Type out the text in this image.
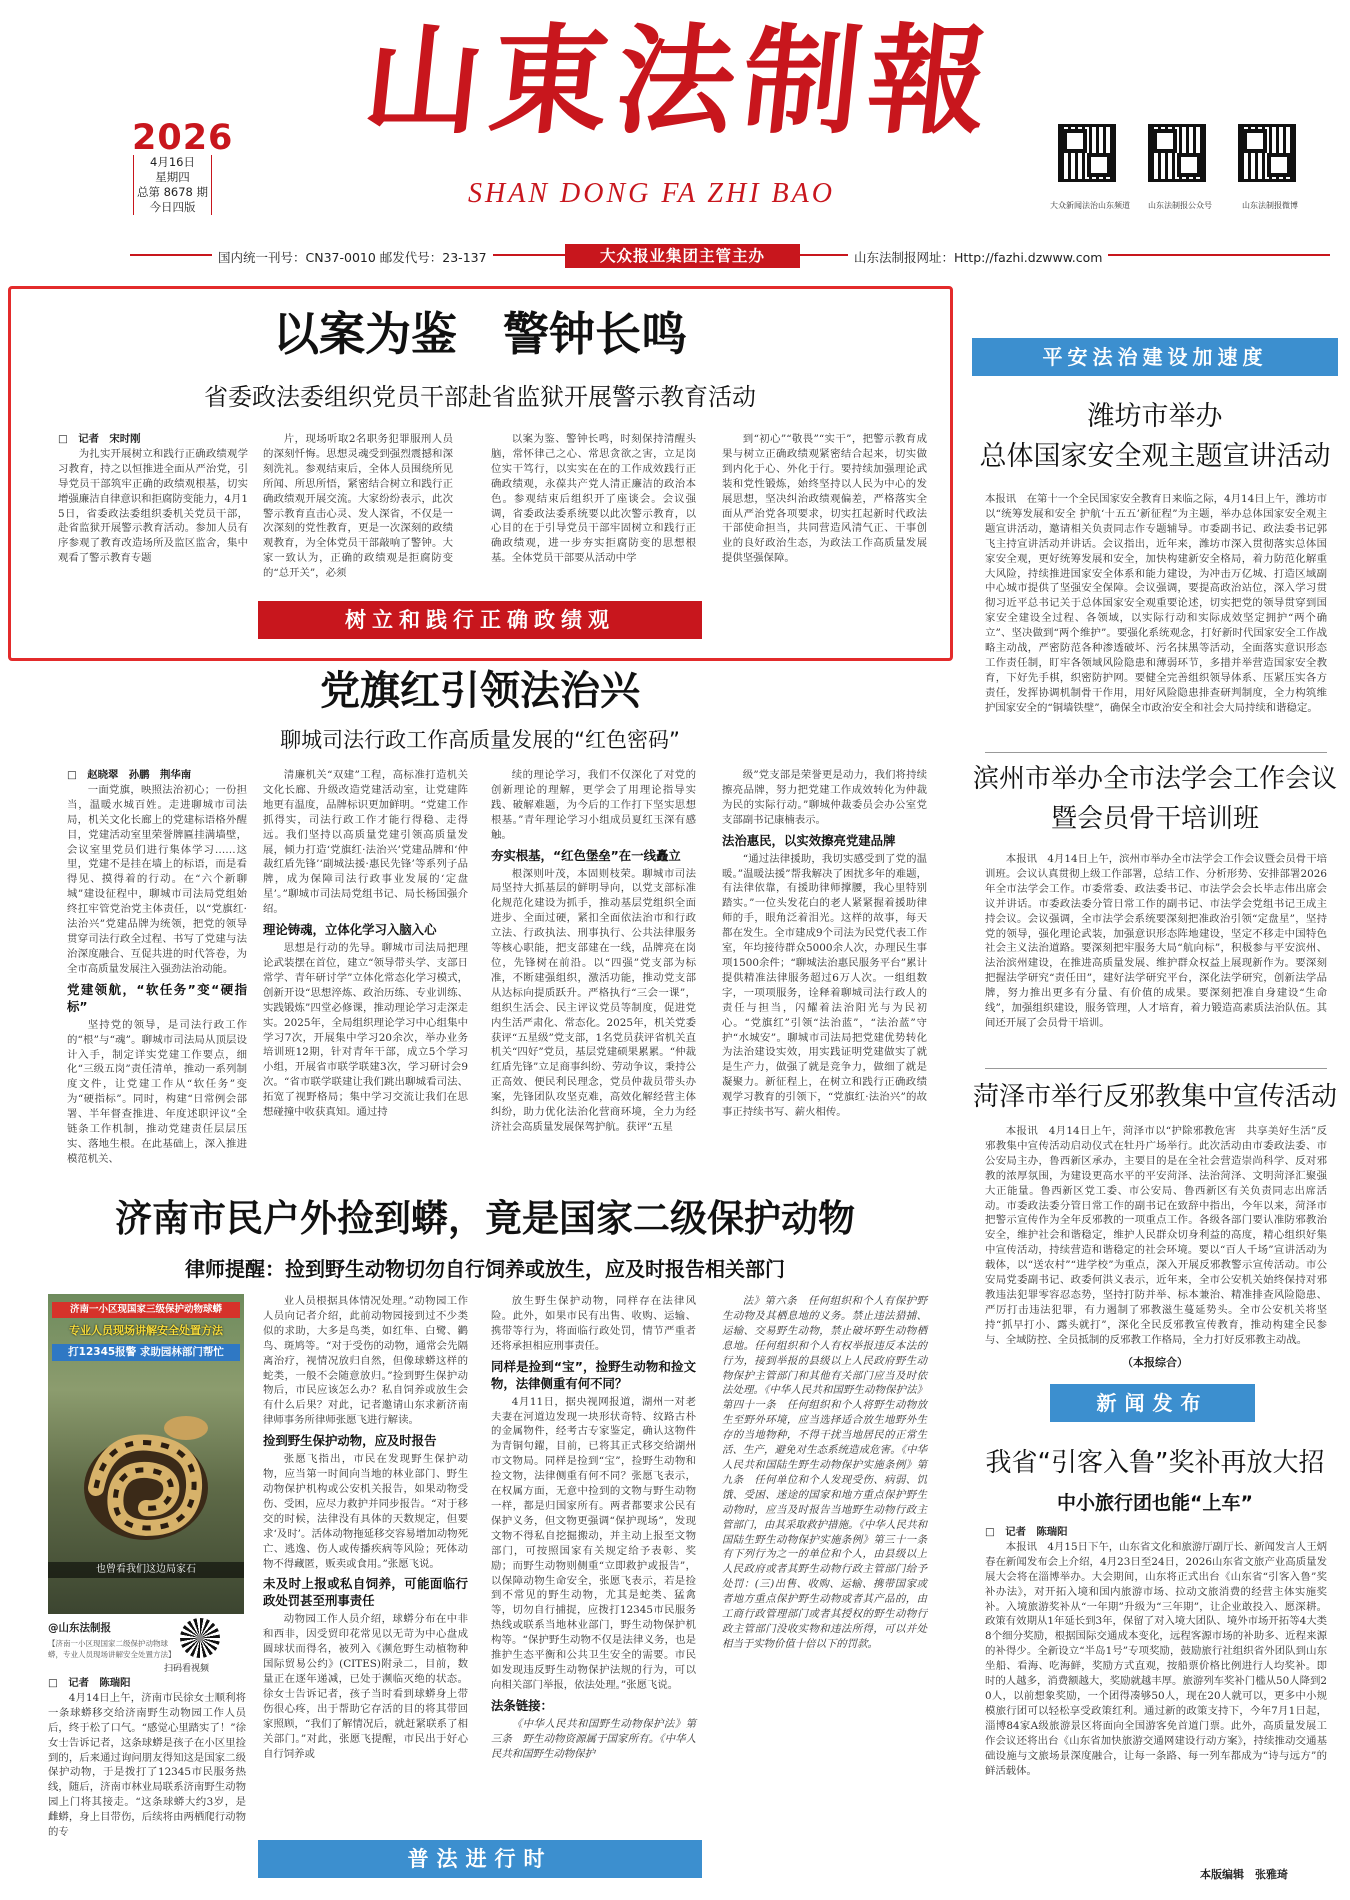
2026
4月16日
星期四
总第 8678 期
今日四版
山東法制報
SHAN DONG FA ZHI BAO	大众新闻法治山东频道	山东法制报公众号	山东法制报微博
国内统一刊号：CN37-0010 邮发代号：23-137	大众报业集团主管主办	山东法制报网址：Http://fazhi.dzwww.com
以案为鉴　警钟长鸣
省委政法委组织党员干部赴省监狱开展警示教育活动

□　记者　宋时刚

为扎实开展树立和践行正确政绩观学习教育，持之以恒推进全面从严治党，引导党员干部筑牢正确的政绩观根基，切实增强廉洁自律意识和拒腐防变能力，4月15日，省委政法委组织委机关党员干部，赴省监狱开展警示教育活动。参加人员有序参观了教育改造场所及监区监舍，集中观看了警示教育专题

片，现场听取2名职务犯罪服刑人员的深刻忏悔。思想灵魂受到强烈震撼和深刻洗礼。参观结束后，全体人员围绕所见所闻、所思所悟，紧密结合树立和践行正确政绩观开展交流。大家纷纷表示，此次警示教育直击心灵、发人深省，不仅是一次深刻的党性教育，更是一次深刻的政绩观教育，为全体党员干部敲响了警钟。大家一致认为，正确的政绩观是拒腐防变的“总开关”，必须

以案为鉴、警钟长鸣，时刻保持清醒头脑，常怀律己之心、常思贪欲之害，立足岗位实干笃行，以实实在在的工作成效践行正确政绩观，永葆共产党人清正廉洁的政治本色。参观结束后组织开了座谈会。会议强调，省委政法委系统要以此次警示教育，以心目的在于引导党员干部牢固树立和践行正确政绩观，进一步夯实拒腐防变的思想根基。全体党员干部要从活动中学

到“初心”“敬畏”“实干”，把警示教育成果与树立正确政绩观紧密结合起来，切实做到内化于心、外化于行。要持续加强理论武装和党性锻炼，始终坚持以人民为中心的发展思想，坚决纠治政绩观偏差，严格落实全面从严治党各项要求，切实扛起新时代政法干部使命担当，共同营造风清气正、干事创业的良好政治生态，为政法工作高质量发展提供坚强保障。

树立和践行正确政绩观
党旗红引领法治兴
聊城司法行政工作高质量发展的“红色密码”

□　赵晓翠　孙鹏　荆华南

一面党旗，映照法治初心；一份担当，温暖水城百姓。走进聊城市司法局，机关文化长廊上的党建标语格外醒目，党建活动室里荣誉牌匾挂满墙壁，会议室里党员们进行集体学习……这里，党建不是挂在墙上的标语，而是看得见、摸得着的行动。在“六个新聊城”建设征程中，聊城市司法局党组始终扛牢管党治党主体责任，以“党旗红·法治兴”党建品牌为统领，把党的领导贯穿司法行政全过程、书写了党建与法治深度融合、互促共进的时代答卷，为全市高质量发展注入强劲法治动能。

党建领航，“软任务”变“硬指标”

坚持党的领导，是司法行政工作的“根”与“魂”。聊城市司法局从顶层设计入手，制定详实党建工作要点，细化“三级五岗”责任清单，推动一系列制度文件，让党建工作从“软任务”变为“硬指标”。同时，构建“日常例会部署、半年督查推进、年度述职评议”全链条工作机制，推动党建责任层层压实、落地生根。在此基础上，深入推进模范机关、

清廉机关“双建”工程，高标准打造机关文化长廊、升级改造党建活动室，让党建阵地更有温度，品牌标识更加鲜明。“党建工作抓得实，司法行政工作才能行得稳、走得远。我们坚持以高质量党建引领高质量发展，倾力打造‘党旗红·法治兴’党建品牌和‘仲裁红盾先锋’‘副城法援·惠民先锋’等系列子品牌，成为保障司法行政事业发展的‘定盘星’。”聊城市司法局党组书记、局长杨国强介绍。

理论铸魂，立体化学习入脑入心

思想是行动的先导。聊城市司法局把理论武装摆在首位，建立“领导带头学、支部日常学、青年研讨学”立体化常态化学习模式，创新开设“思想淬炼、政治历练、专业训练、实践锻炼”四堂必修课，推动理论学习走深走实。2025年，全局组织理论学习中心组集中学习7次，开展集中学习20余次，举办业务培训班12期，针对青年干部，成立5个学习小组，开展省市联学联建3次，学习研讨会9次。“省市联学联建让我们跳出聊城看司法、拓宽了视野格局；集中学习交流让我们在思想碰撞中收获真知。通过持

续的理论学习，我们不仅深化了对党的创新理论的理解，更学会了用理论指导实践、破解难题，为今后的工作打下坚实思想根基。”青年理论学习小组成员夏红玉深有感触。

夯实根基，“红色堡垒”在一线矗立

根深则叶茂，本固则枝荣。聊城市司法局坚持大抓基层的鲜明导向，以党支部标准化规范化建设为抓手，推动基层党组织全面进步、全面过硬，紧扣全面依法治市和行政立法、行政执法、刑事执行、公共法律服务等核心职能，把支部建在一线，品牌亮在岗位，先锋树在前沿。以“四强”党支部为标准，不断建强组织，激活功能，推动党支部从达标向提质跃升。严格执行“三会一课”，组织生活会、民主评议党员等制度，促进党内生活严肃化、常态化。2025年，机关党委获评“五星级”党支部，1名党员获评省机关直机关“四好”党员，基层党建硕果累累。“仲裁红盾先锋”立足商事纠纷、劳动争议，秉持公正高效、便民利民理念，党员仲裁员带头办案，先锋团队攻坚克难，高效化解经营主体纠纷，助力优化法治化营商环境，全力为经济社会高质量发展保驾护航。获评“五星

级”党支部是荣誉更是动力，我们将持续擦亮品牌，努力把党建工作成效转化为仲裁为民的实际行动。”聊城仲裁委员会办公室党支部副书记康楠表示。

法治惠民，以实效擦亮党建品牌

“通过法律援助，我切实感受到了党的温暖。”温暖法援”帮我解决了困扰多年的难题，有法律依靠，有援助律师撑腰，我心里特别踏实。”一位头发花白的老人紧紧握着援助律师的手，眼角泛着泪光。这样的故事，每天都在发生。全市建成9个司法为民党代表工作室，年均接待群众5000余人次，办理民生事项1500余件；“聊城法治惠民服务平台”累计提供精准法律服务超过6万人次。一组组数字，一项项服务，诠释着聊城司法行政人的责任与担当，闪耀着法治阳光与为民初心。“党旗红”引领“法治蓝”，“法治蓝”守护“水城安”。聊城市司法局把党建优势转化为法治建设实效，用实践证明党建做实了就是生产力，做强了就是竞争力，做细了就是凝聚力。新征程上，在树立和践行正确政绩观学习教育的引领下，“党旗红·法治兴”的故事正持续书写、薪火相传。

济南市民户外捡到蟒，竟是国家二级保护动物
律师提醒：捡到野生动物切勿自行饲养或放生，应及时报告相关部门
济南一小区现国家三级保护动物球蟒
专业人员现场讲解安全处置方法
打12345报警 求助园林部门帮忙
也曾看我们这边局家石
@山东法制报
【济南一小区现国家二级保护动物球蟒，专业人员现场讲解安全处置方法】
扫码看视频

□　记者　陈瑞阳

4月14日上午，济南市民徐女士顺利将一条球蟒移交给济南野生动物园工作人员后，终于松了口气。“感觉心里踏实了！”徐女士告诉记者，这条球蟒是孩子在小区里捡到的，后来通过询问朋友得知这是国家二级保护动物，于是拨打了12345市民服务热线，随后，济南市林业局联系济南野生动物园上门将其接走。“这条球蟒大约3岁，是雌蟒，身上目带伤，后续将由两栖爬行动物的专

业人员根据具体情况处理。”动物园工作人员向记者介绍，此前动物园接到过不少类似的求助，大多是鸟类，如红隼、白鹭、鹳鸟、斑鸠等。“对于受伤的动物，通常会先隔离治疗，视情况放归自然，但像球蟒这样的蛇类，一般不会随意放归。”捡到野生保护动物后，市民应该怎么办？私自饲养或放生会有什么后果？对此，记者邀请山东求新济南律师事务所律师张愿飞进行解读。

捡到野生保护动物，应及时报告

张愿飞指出，市民在发现野生保护动物，应当第一时间向当地的林业部门、野生动物保护机构或公安机关报告，如果动物受伤、受困，应尽力救护并同步报告。“对于移交的时候，法律没有具体的天数规定，但要求‘及时’。活体动物拖延移交容易增加动物死亡、逃逸、伤人或传播疾病等风险；死体动物不得藏匿，贩卖或食用。”张愿飞说。

未及时上报或私自饲养，可能面临行政处罚甚至刑事责任

动物园工作人员介绍，球蟒分布在中非和西非，因受贸印花常见以无苛为中心盘成圆球状而得名，被列入《濒危野生动植物种国际贸易公约》(CITES)附录二，目前，数量正在逐年递减，已处于濒临灭绝的状态。徐女士告诉记者，孩子当时看到球蟒身上带伤很心疼，出于帮助它存活的目的将其带回家照顾，“我们了解情况后，就赶紧联系了相关部门。”对此，张愿飞提醒，市民出于好心自行饲养或

放生野生保护动物，同样存在法律风险。此外，如果市民有出售、收购、运输、携带等行为，将面临行政处罚，情节严重者还将承担相应刑事责任。

同样是捡到“宝”，捡野生动物和捡文物，法律侧重有何不同？

4月11日，据央视网报道，湖州一对老夫妻在河道边发现一块形状奇特、纹路古朴的金属物件，经考古专家鉴定，确认这物件为青铜句鑃，目前，已将其正式移交给湖州市文物局。同样是捡到“宝”，捡野生动物和捡文物，法律侧重有何不同？张愿飞表示，在权属方面，无意中捡到的文物与野生动物一样，都是归国家所有。两者都要求公民有保护义务，但文物更强调“保护现场”，发现文物不得私自挖掘搬动，并主动上报至文物部门，可按照国家有关规定给予表彰、奖励；而野生动物则侧重“立即救护或报告”，以保障动物生命安全，张愿飞表示，若是捡到不常见的野生动物，尤其是蛇类、猛禽等，切勿自行捕捉，应拨打12345市民服务热线或联系当地林业部门，野生动物保护机构等。“保护野生动物不仅是法律义务，也是推护生态平衡和公共卫生安全的需要。市民如发现违反野生动物保护法规的行为，可以向相关部门举报，依法处理。”张愿飞说。

法条链接：

《中华人民共和国野生动物保护法》第三条　野生动物资源属于国家所有。《中华人民共和国野生动物保护

法》第六条　任何组织和个人有保护野生动物及其栖息地的义务。禁止违法猎捕、运输、交易野生动物，禁止破坏野生动物栖息地。任何组织和个人有权举报违反本法的行为，接到举报的县级以上人民政府野生动物保护主管部门和其他有关部门应当及时依法处理。《中华人民共和国野生动物保护法》第四十一条　任何组织和个人将野生动物放生至野外环境，应当选择适合放生地野外生存的当地物种，不得干扰当地居民的正常生活、生产，避免对生态系统造成危害。《中华人民共和国陆生野生动物保护实施条例》第九条　任何单位和个人发现受伤、病弱、饥饿、受困、迷途的国家和地方重点保护野生动物时，应当及时报告当地野生动物行政主管部门，由其采取救护措施。《中华人民共和国陆生野生动物保护实施条例》第三十一条　有下列行为之一的单位和个人，由县级以上人民政府或者其野生动物行政主管部门给予处罚：(三)出售、收购、运输、携带国家或者地方重点保护野生动物或者其产品的，由工商行政管理部门或者其授权的野生动物行政主管部门没收实物和违法所得，可以并处相当于实物价值十倍以下的罚款。

普法进行时
平安法治建设加速度
潍坊市举办
总体国家安全观主题宣讲活动

本报讯　在第十一个全民国家安全教育日来临之际，4月14日上午，潍坊市以“统筹发展和安全 护航‘十五五’新征程”为主题，举办总体国家安全观主题宣讲活动，邀请相关负责同志作专题辅导。市委副书记、政法委书记郭飞主持宣讲活动并讲话。会议指出，近年来，潍坊市深入贯彻落实总体国家安全观，更好统筹发展和安全，加快构建新安全格局，着力防范化解重大风险，持续推进国家安全体系和能力建设，为冲击万亿城、打造区域副中心城市提供了坚强安全保障。会议强调，要提高政治站位，深入学习贯彻习近平总书记关于总体国家安全观重要论述，切实把党的领导贯穿到国家安全建设全过程、各领域，以实际行动和实际成效坚定拥护“两个确立”、坚决做到“两个维护”。要强化系统观念，打好新时代国家安全工作战略主动战，严密防范各种渗透破坏、污名抹黑等活动，全面落实意识形态工作责任制，盯牢各领域风险隐患和薄弱环节，多措并举营造国家安全教育，下好先手棋，织密防护网。要健全完善组织领导体系、压紧压实各方责任，发挥协调机制骨干作用，用好风险隐患排查研判制度，全力构筑维护国家安全的“铜墙铁壁”，确保全市政治安全和社会大局持续和谐稳定。

滨州市举办全市法学会工作会议
暨会员骨干培训班

本报讯　4月14日上午，滨州市举办全市法学会工作会议暨会员骨干培训班。会议认真贯彻上级工作部署，总结工作、分析形势、安排部署2026年全市法学会工作。市委常委、政法委书记、市法学会会长毕志伟出席会议并讲话。市委政法委分管日常工作的副书记、市法学会党组书记王成主持会议。会议强调，全市法学会系统要深刻把准政治引领“定盘星”，坚持党的领导，强化理论武装，加强意识形态阵地建设，坚定不移走中国特色社会主义法治道路。要深刻把牢服务大局“航向标”，积极参与平安滨州、法治滨州建设，在推进高质量发展、维护群众权益上展现新作为。要深刻把握法学研究“责任田”，建好法学研究平台，深化法学研究，创新法学品牌，努力推出更多有分量、有价值的成果。要深刻把准自身建设“生命线”，加强组织建设，服务管理，人才培育，着力锻造高素质法治队伍。其间还开展了会员骨干培训。

菏泽市举行反邪教集中宣传活动

本报讯　4月14日上午，菏泽市以“护除邪教危害　共享美好生活”反邪教集中宣传活动启动仪式在牡丹广场举行。此次活动由市委政法委、市公安局主办，鲁西新区承办，主要目的是在全社会营造崇尚科学、反对邪教的浓厚氛围，为建设更高水平的平安菏泽、法治菏泽、文明菏泽汇聚强大正能量。鲁西新区党工委、市公安局、鲁西新区有关负责同志出席活动。市委政法委分管日常工作的副书记在致辞中指出，今年以来，菏泽市把警示宣传作为全年反邪教的一项重点工作。各级各部门要认准防邪教治安全，维护社会和谐稳定，维护人民群众切身利益的高度，精心组织好集中宣传活动，持续营造和谐稳定的社会环境。要以“百人千场”宣讲活动为载体，以“送农村”“进学校”为重点，深入开展反邪教警示宣传活动。市公安局党委副书记、政委何洪义表示，近年来，全市公安机关始终保持对邪教违法犯罪零容忍态势，坚持打防并举、标本兼治、精准排查风险隐患、严厉打击违法犯罪，有力遏制了邪教滋生蔓延势头。全市公安机关将坚持“抓早打小、露头就打”，深化全民反邪教宣传教育，推动构建全民参与、全域防控、全员抵制的反邪教工作格局，全力打好反邪教主动战。

（本报综合）
新闻发布
我省“引客入鲁”奖补再放大招
中小旅行团也能“上车”

□　记者　陈瑞阳

本报讯　4月15日下午，山东省文化和旅游厅副厅长、新闻发言人王炳春在新闻发布会上介绍，4月23日至24日，2026山东省文旅产业高质量发展大会将在淄博举办。大会期间，山东将正式出台《山东省“引客入鲁”奖补办法》，对开拓入境和国内旅游市场、拉动文旅消费的经营主体实施奖补。入境旅游奖补从“一年期”升级为“三年期”，让企业敢投入、愿深耕。政策有效期从1年延长到3年，保留了对入境大团队、境外市场开拓等4大类8个细分奖励，根据国际交通成本变化，远程客源市场的补助多、近程来源的补得少。全新设立“半岛1号”专项奖励，鼓励旅行社组织省外团队到山东坐船、看海、吃海鲜，奖励方式直观，按船票价格比例进行人均奖补。即时的人越多，消费额越大，奖励就越丰厚。旅游列车奖补门槛从50人降到20人，以前想象奖励，一个团得凑够50人，现在20人就可以，更多中小规模旅行团可以轻松享受政策红利。通过新的政策支持下，今年7月1日起，淄博84家A级旅游景区将面向全国游客免首道门票。此外，高质量发展工作会议还将出台《山东省加快旅游交通网建设行动方案》，持续推动交通基础设施与文旅场景深度融合，让每一条路、每一列车都成为“诗与远方”的鲜活载体。

本版编辑　张雅琦
